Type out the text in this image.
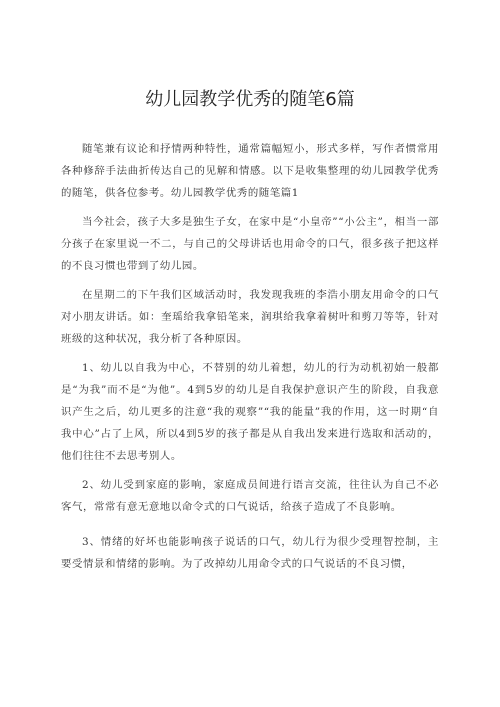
幼儿园教学优秀的随笔6篇

随笔兼有议论和抒情两种特性，通常篇幅短小，形式多样，写作者惯常用各种修辞手法曲折传达自己的见解和情感。以下是收集整理的幼儿园教学优秀的随笔，供各位参考。幼儿园教学优秀的随笔篇1

当今社会，孩子大多是独生子女，在家中是“小皇帝”“小公主”，相当一部分孩子在家里说一不二，与自己的父母讲话也用命令的口气，很多孩子把这样的不良习惯也带到了幼儿园。

在星期二的下午我们区域活动时，我发现我班的李浩小朋友用命令的口气对小朋友讲话。如：奎瑶给我拿铅笔来，润琪给我拿着树叶和剪刀等等，针对班级的这种状况，我分析了各种原因。

1、幼儿以自我为中心，不替别的幼儿着想，幼儿的行为动机初始一般都是“为我”而不是“为他”。4到5岁的幼儿是自我保护意识产生的阶段，自我意识产生之后，幼儿更多的注意“我的观察”“我的能量”我的作用，这一时期“自我中心”占了上风，所以4到5岁的孩子都是从自我出发来进行选取和活动的，他们往往不去思考别人。

2、幼儿受到家庭的影响，家庭成员间进行语言交流，往往认为自己不必客气，常常有意无意地以命令式的口气说话，给孩子造成了不良影响。

3、情绪的好坏也能影响孩子说话的口气，幼儿行为很少受理智控制，主要受情景和情绪的影响。为了改掉幼儿用命令式的口气说话的不良习惯，
